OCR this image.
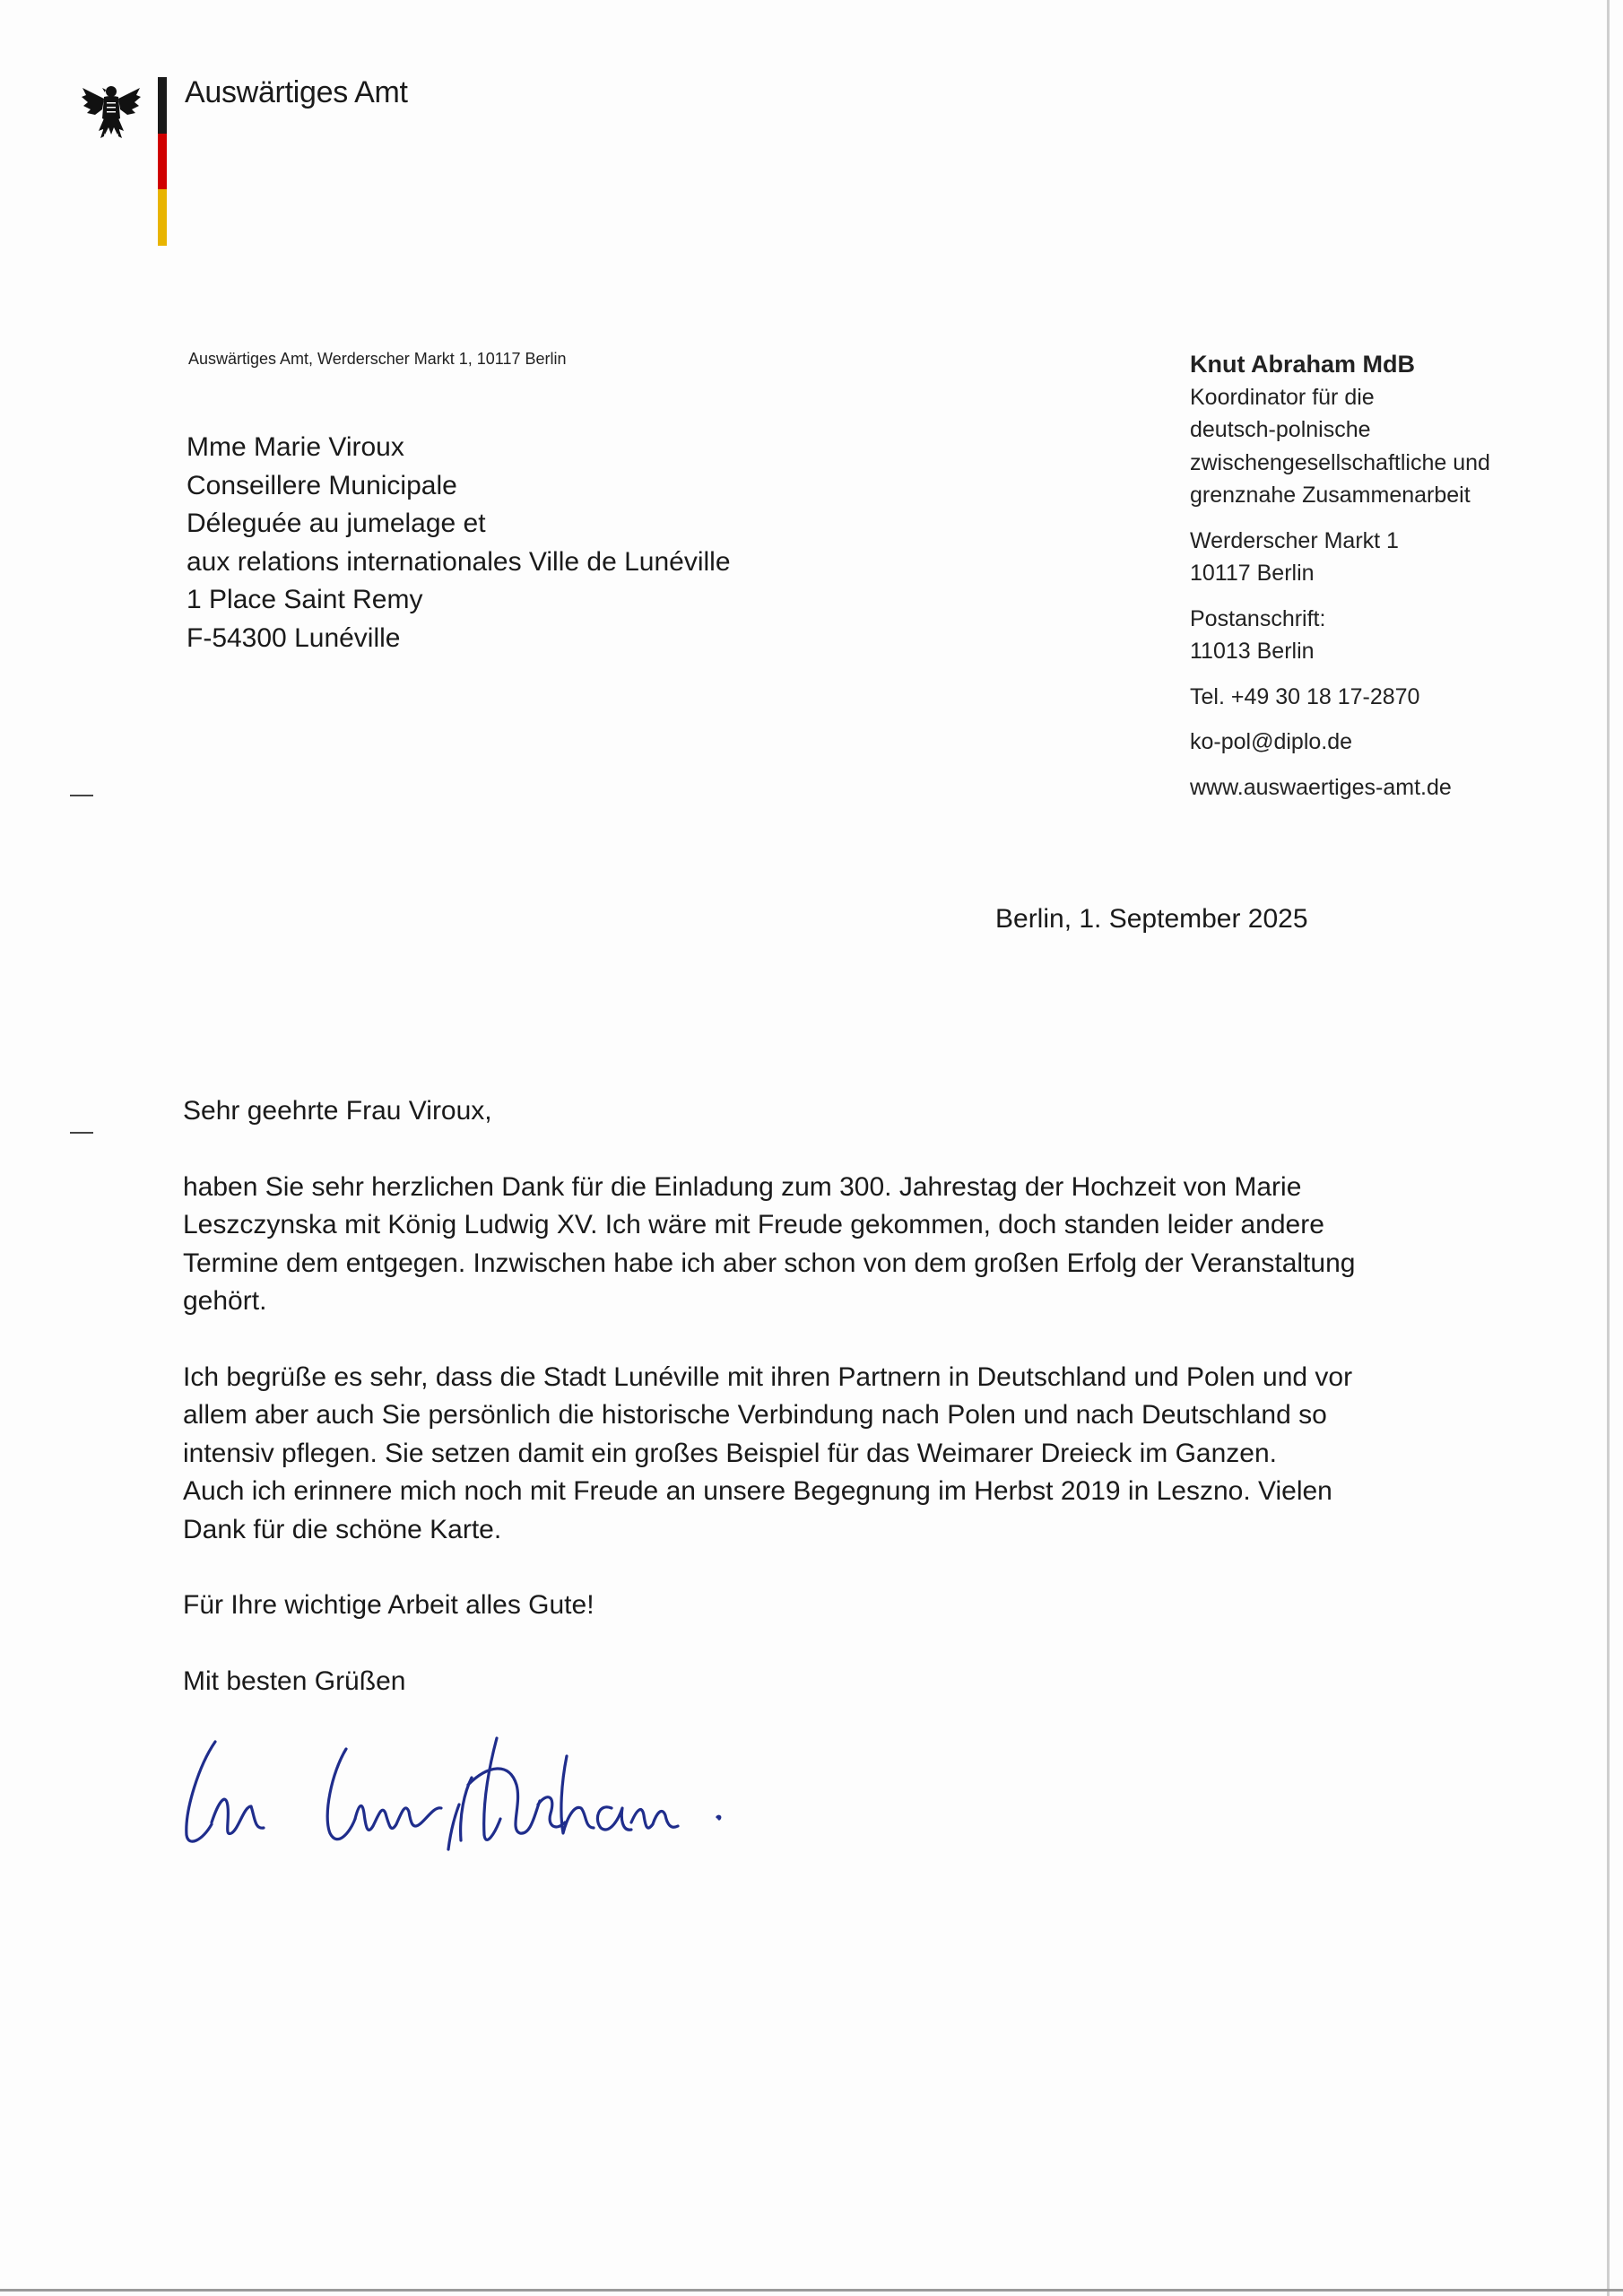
Auswärtiges Amt
Auswärtiges Amt, Werderscher Markt 1, 10117 Berlin
Mme Marie Viroux
Conseillere Municipale
Déleguée au jumelage et
aux relations internationales Ville de Lunéville
1 Place Saint Remy
F-54300 Lunéville
Knut Abraham MdB
Koordinator für die
deutsch-polnische
zwischengesellschaftliche und
grenznahe Zusammenarbeit
Werderscher Markt 1
10117 Berlin
Postanschrift:
11013 Berlin
Tel. +49 30 18 17-2870
ko-pol@diplo.de
www.auswaertiges-amt.de
Berlin, 1. September 2025

Sehr geehrte Frau Viroux,

haben Sie sehr herzlichen Dank für die Einladung zum 300. Jahrestag der Hochzeit von Marie
Leszczynska mit König Ludwig XV. Ich wäre mit Freude gekommen, doch standen leider andere
Termine dem entgegen. Inzwischen habe ich aber schon von dem großen Erfolg der Veranstaltung
gehört.
Ich begrüße es sehr, dass die Stadt Lunéville mit ihren Partnern in Deutschland und Polen und vor
allem aber auch Sie persönlich die historische Verbindung nach Polen und nach Deutschland so
intensiv pflegen. Sie setzen damit ein großes Beispiel für das Weimarer Dreieck im Ganzen.
Auch ich erinnere mich noch mit Freude an unsere Begegnung im Herbst 2019 in Leszno. Vielen
Dank für die schöne Karte.

Für Ihre wichtige Arbeit alles Gute!

Mit besten Grüßen
